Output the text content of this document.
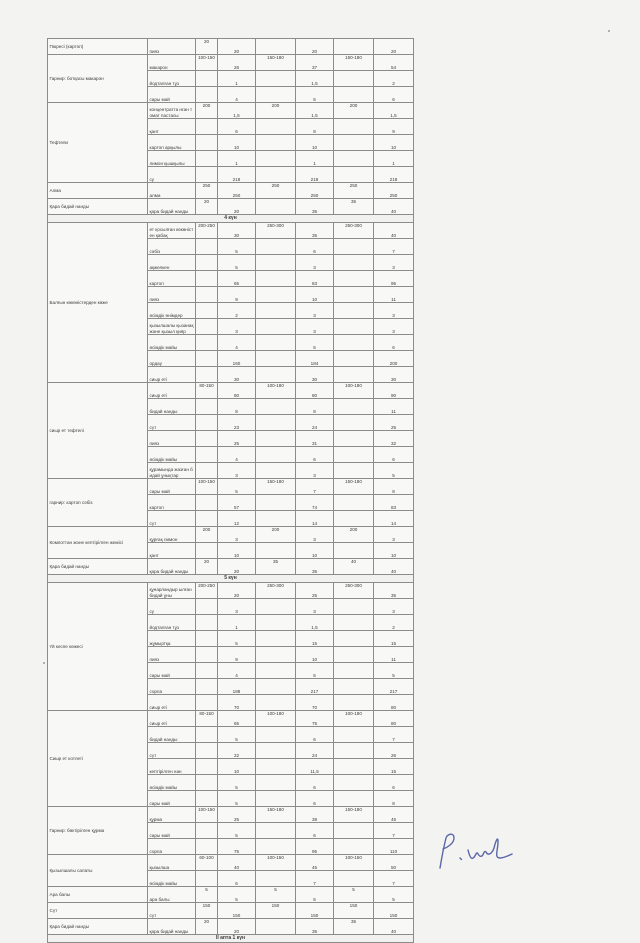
Пюресі (картоп)	пияз	20	20		20		20
Гарнир: ботқасы макарон	макарон	100-150	26	150-180	37	150-180	54
	йодталған тұз		1		1,5		2
	сары май		4		5		6
Тефтели	концентратта нған томат пастасы	200	1,5	200	1,5	200	1,5
	қант		6		8		9
	картоп арқылы		10		10		10
	лимон қышқылы		1		1		1
	су		218		218		218
Алма	алма	250	250	250	250	250	250
Қара бидай нанды	қара бидай нанды	20	20		35	35	40
4 күн							
Балғын көкөністерден көже	ет қосылған көкөністен қабақ	200-250	30	250-300	35	250-300	40
	сәбіз		5		6		7
	ақжелкен		5		3		3
	картоп		65		83		95
	пияз		9		10		11
	өсімдік өнімдер		2		3		3
	қызылшалы қызанақ және қызыл қияр		3		3		3
	өсімдік майы		4		5		6
	ордау		160		184		200
	сиыр еті		30		30		30
сиыр ет тефтелі	сиыр еті	80-150	80	100-180	80	100-180	90
	бидай нанды		8		8		11
	сүт		23		24		25
	пияз		25		31		32
	өсімдік майы		4		6		6
	құрамында жазған бидай ұнықтар		3		3		5
гарнир: картоп сәбіз	сары май	100-150	5	150-180	7	150-180	8
	картоп		57		74		83
	сүт		12		14		14
Компоттан және кептірілген жемісі	құрғақ лимон	200	3	200	3	200	3
	қант		10		10		10
Қара бидай нанды	қара бидай нанды	20	20	35	35	40	40
5 күн							
Үй кеспе көжесі	құнарландыр ылған бидай ұны	200-250	20	250-300	25	250-300	35
	су		3		3		3
	йодталған тұз		1		1,5		2
	жұмыртқа		5		15		15
	пияз		9		10		11
	сары май		4		5		5
	сорпа		188		217		217
	сиыр еті		70		70		80
Сиыр ет котлеті	сиыр еті	80-150	65	100-180	75	100-180	80
	бидай нанды		5		6		7
	сүт		22		24		26
	кептірілген нан		10		11,5		15
	өсімдік майы		5		6		6
	сары май		5		6		8
Гарнир: бөктірілген құрма	құрма	100-150	25	150-180	38	150-180	45
	сары май		5		6		7
	сорпа		75		95		110
Қызылшалы салаты	қызылша	60-100	40	100-150	45	100-150	50
	өсімдік майы		6		7		7
Ара балы	ара балы	5	5	5	5	5	5
Сүт	сүт	150	150	150	150	150	150
Қара бидай нанды	қара бидай нанды	20	20		35	35	40
II апта 1 күн							
